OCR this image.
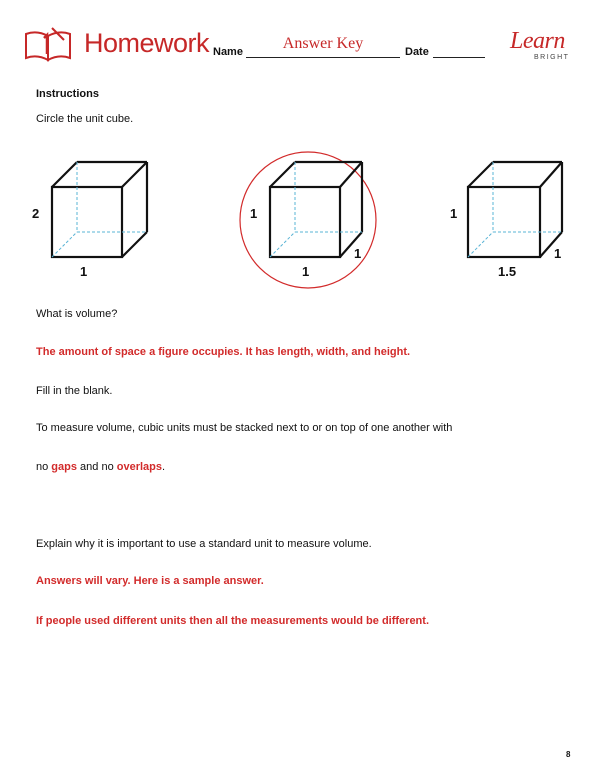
Homework Name	Answer Key	Date	Learn
BRIGHT
Instructions
Circle the unit cube.
2
1
1
1
1
1
1.5
1
What is volume?
The amount of space a figure occupies. It has length, width, and height.
Fill in the blank.
To measure volume, cubic units must be stacked next to or on top of one another with
no gaps and no overlaps.
Explain why it is important to use a standard unit to measure volume.
Answers will vary. Here is a sample answer.
If people used different units then all the measurements would be different.
8
